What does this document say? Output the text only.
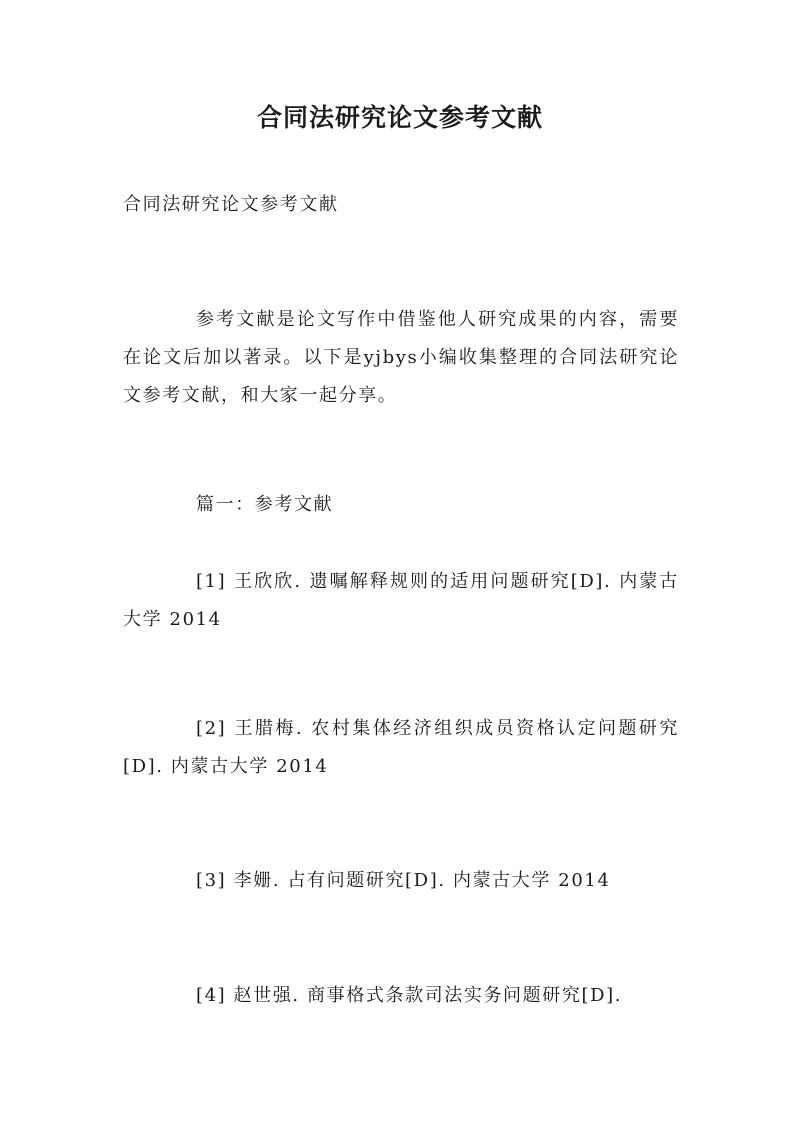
合同法研究论文参考文献
合同法研究论文参考文献
参考文献是论文写作中借鉴他人研究成果的内容，需要在论文后加以著录。以下是yjbys小编收集整理的合同法研究论文参考文献，和大家一起分享。
篇一：参考文献
[1] 王欣欣. 遗嘱解释规则的适用问题研究[D]. 内蒙古大学 2014
[2] 王腊梅. 农村集体经济组织成员资格认定问题研究[D]. 内蒙古大学 2014
[3] 李姗. 占有问题研究[D]. 内蒙古大学 2014
[4] 赵世强. 商事格式条款司法实务问题研究[D].
